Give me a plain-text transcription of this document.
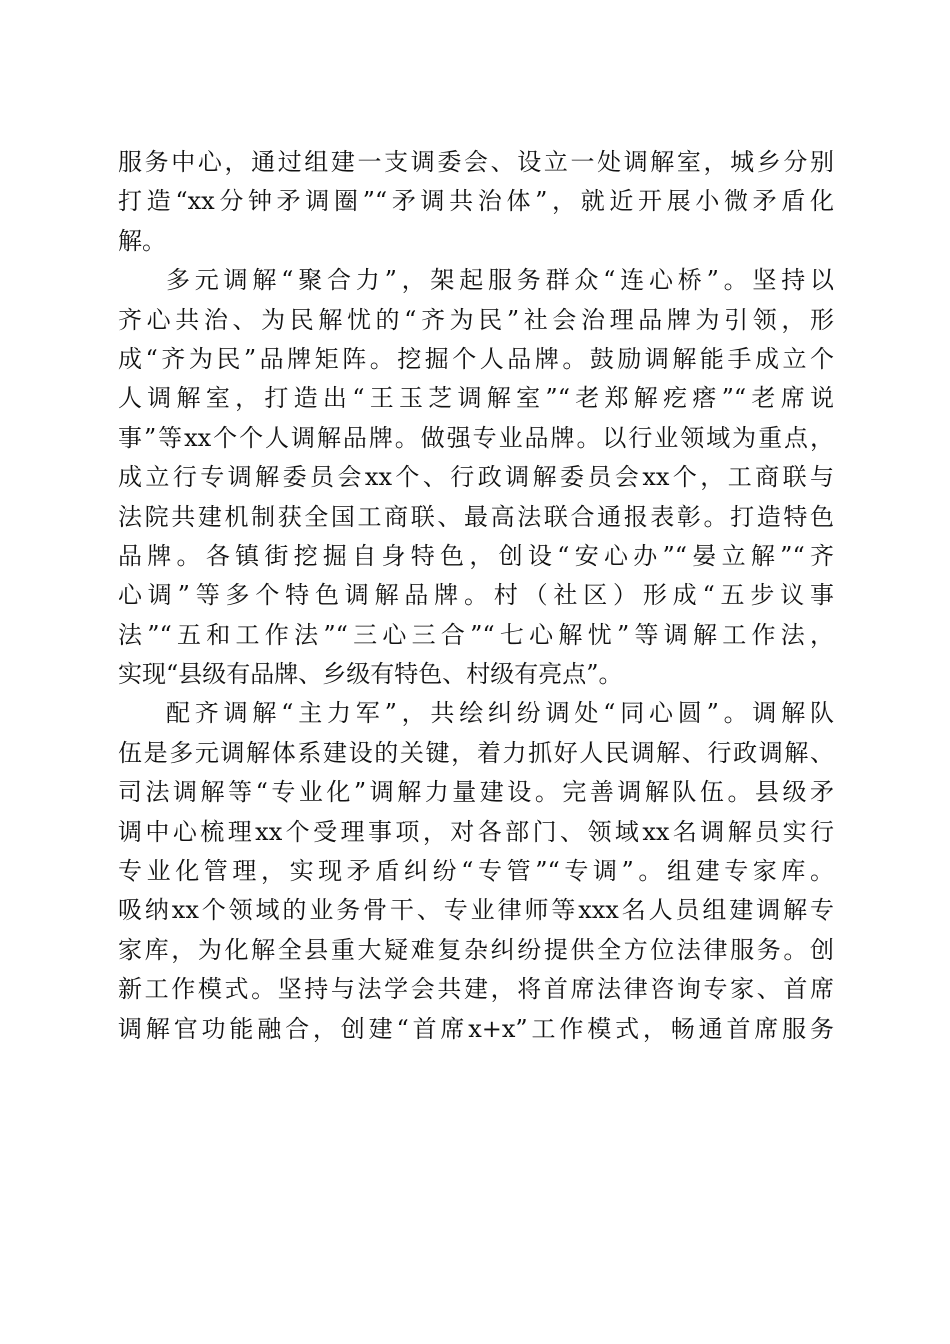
服务中心，通过组建一支调委会、设立一处调解室，城乡分别
打造“xx分钟矛调圈”“矛调共治体”，就近开展小微矛盾化
解。
多元调解“聚合力”，架起服务群众“连心桥”。坚持以
齐心共治、为民解忧的“齐为民”社会治理品牌为引领，形
成“齐为民”品牌矩阵。挖掘个人品牌。鼓励调解能手成立个
人调解室，打造出“王玉芝调解室”“老郑解疙瘩”“老席说
事”等xx个个人调解品牌。做强专业品牌。以行业领域为重点，
成立行专调解委员会xx个、行政调解委员会xx个，工商联与
法院共建机制获全国工商联、最高法联合通报表彰。打造特色
品牌。各镇街挖掘自身特色，创设“安心办”“晏立解”“齐
心调”等多个特色调解品牌。村（社区）形成“五步议事
法”“五和工作法”“三心三合”“七心解忧”等调解工作法，
实现“县级有品牌、乡级有特色、村级有亮点”。
配齐调解“主力军”，共绘纠纷调处“同心圆”。调解队
伍是多元调解体系建设的关键，着力抓好人民调解、行政调解、
司法调解等“专业化”调解力量建设。完善调解队伍。县级矛
调中心梳理xx个受理事项，对各部门、领域xx名调解员实行
专业化管理，实现矛盾纠纷“专管”“专调”。组建专家库。
吸纳xx个领域的业务骨干、专业律师等xxx名人员组建调解专
家库，为化解全县重大疑难复杂纠纷提供全方位法律服务。创
新工作模式。坚持与法学会共建，将首席法律咨询专家、首席
调解官功能融合，创建“首席x+x”工作模式，畅通首席服务
